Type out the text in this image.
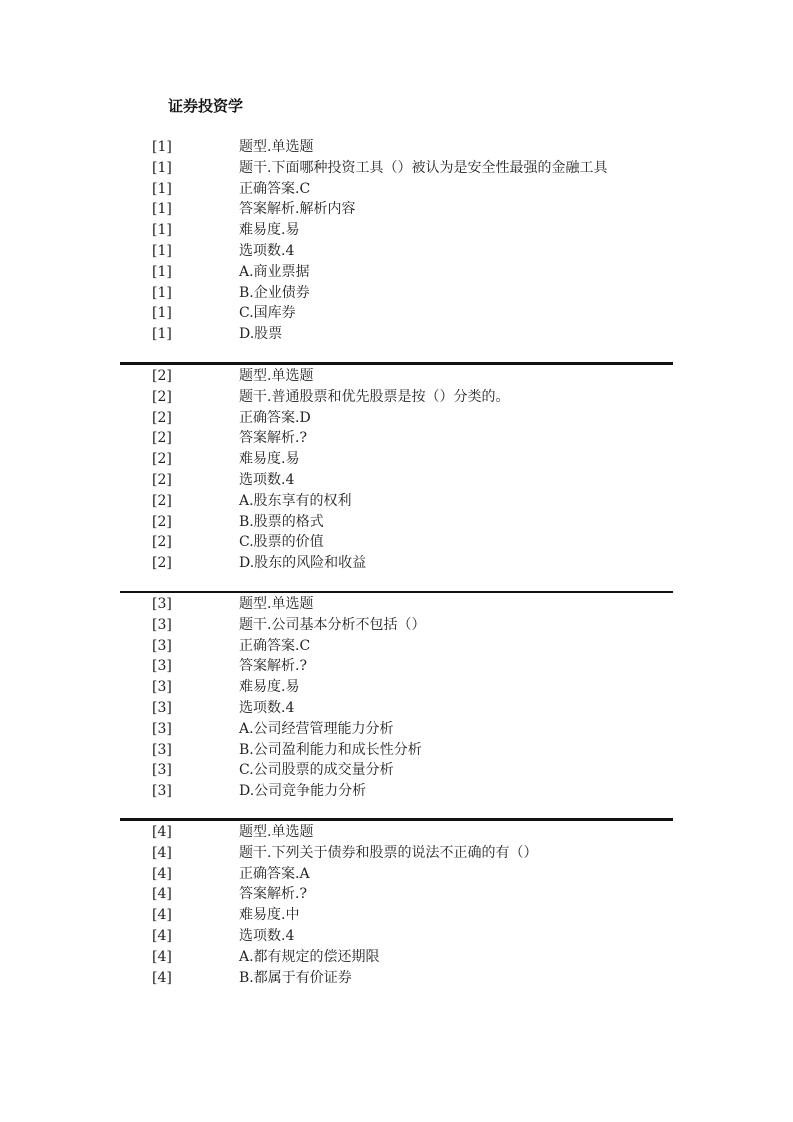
证券投资学
[1]	题型.单选题
[1]	题干.下面哪种投资工具（）被认为是安全性最强的金融工具
[1]	正确答案.C
[1]	答案解析.解析内容
[1]	难易度.易
[1]	选项数.4
[1]	A.商业票据
[1]	B.企业债券
[1]	C.国库券
[1]	D.股票
[2]	题型.单选题
[2]	题干.普通股票和优先股票是按（）分类的。
[2]	正确答案.D
[2]	答案解析.?
[2]	难易度.易
[2]	选项数.4
[2]	A.股东享有的权利
[2]	B.股票的格式
[2]	C.股票的价值
[2]	D.股东的风险和收益
[3]	题型.单选题
[3]	题干.公司基本分析不包括（）
[3]	正确答案.C
[3]	答案解析.?
[3]	难易度.易
[3]	选项数.4
[3]	A.公司经营管理能力分析
[3]	B.公司盈利能力和成长性分析
[3]	C.公司股票的成交量分析
[3]	D.公司竞争能力分析
[4]	题型.单选题
[4]	题干.下列关于债券和股票的说法不正确的有（）
[4]	正确答案.A
[4]	答案解析.?
[4]	难易度.中
[4]	选项数.4
[4]	A.都有规定的偿还期限
[4]	B.都属于有价证券
